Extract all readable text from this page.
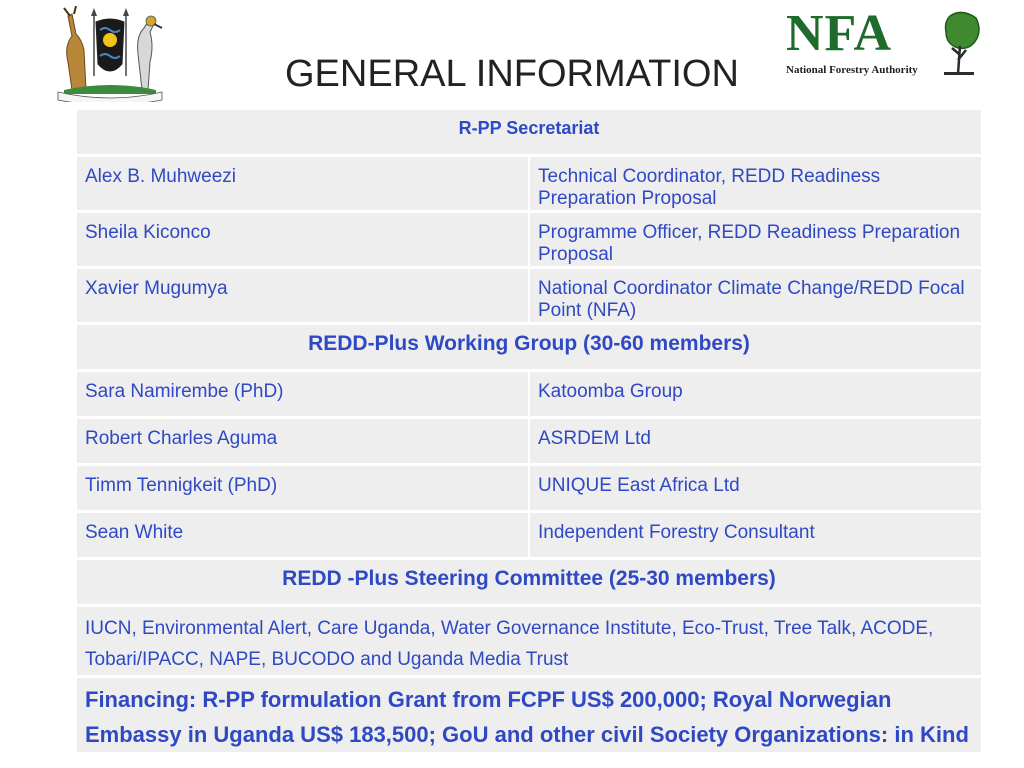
NFA
National Forestry Authority
GENERAL INFORMATION
R-PP Secretariat	
Alex B. Muhweezi	Technical Coordinator, REDD Readiness Preparation Proposal
Sheila Kiconco	Programme Officer, REDD Readiness Preparation Proposal
Xavier Mugumya	National Coordinator Climate Change/REDD Focal Point (NFA)
REDD-Plus Working Group (30-60 members)	
Sara Namirembe (PhD)	Katoomba Group
Robert Charles Aguma	ASRDEM Ltd
Timm Tennigkeit (PhD)	UNIQUE East Africa Ltd
Sean White	Independent Forestry Consultant
REDD -Plus Steering Committee (25-30 members)	
IUCN, Environmental Alert, Care Uganda, Water Governance Institute, Eco-Trust, Tree Talk, ACODE, Tobari/IPACC, NAPE, BUCODO and Uganda Media Trust	
Financing: R-PP formulation Grant from FCPF US$ 200,000; Royal Norwegian Embassy in Uganda US$ 183,500; GoU and other civil Society Organizations: in Kind	
